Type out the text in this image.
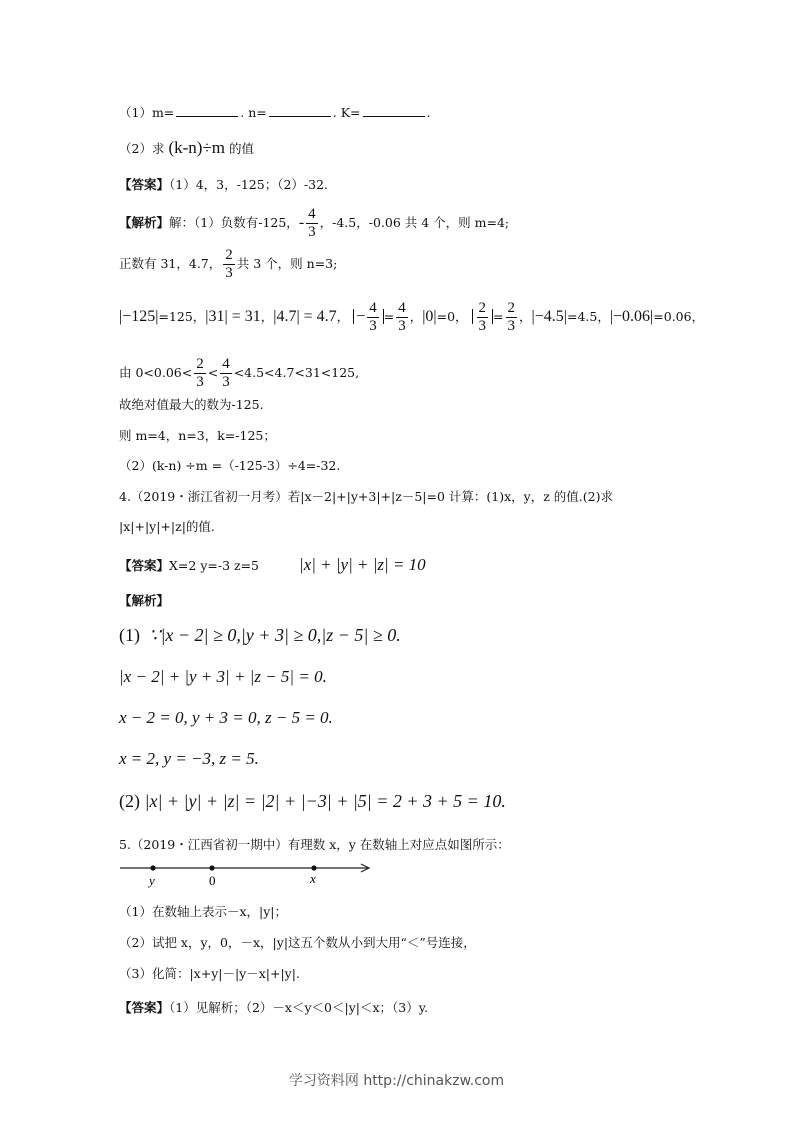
（1）m=	. n=	. K=	.
（2）求 (k-n)÷m 的值
【答案】（1）4，3，-125；（2）-32.
【解析】解：（1）负数有-125，- $\frac{4}{3}$ ，-4.5，-0.06 共 4 个，则 m=4;
正数有 31，4.7， $\frac{2}{3}$ 共 3 个，则 n=3;
|−125|=125，|31| = 31，|4.7| = 4.7， − $\frac{4}{3} = \frac{4}{3}$ ，|0|=0， $\frac{2}{3} = \frac{2}{3}$ ，|−4.5|=4.5，|−0.06|=0.06，
由 $0<0.06< \frac{2}{3} < \frac{4}{3} <4.5<4.7<31<125$,
故绝对值最大的数为-125.
则 m=4，n=3，k=-125；
（2）(k-n) ÷m =（-125-3）÷4=-32.
4.（2019・浙江省初一月考）若|x－2|+|y+3|+|z－5|=0 计算：(1)x，y，z 的值.(2)求
|x|+|y|+|z|的值.
【答案】X=2 y=-3 z=5 |x| + |y| + |z| = 10
【解析】
(1) ∵|x − 2| ≥ 0,|y + 3| ≥ 0,|z − 5| ≥ 0.
|x − 2| + |y + 3| + |z − 5| = 0.
x − 2 = 0, y + 3 = 0, z − 5 = 0.
x = 2, y = −3, z = 5.
(2) |x| + |y| + |z| = |2| + |−3| + |5| = 2 + 3 + 5 = 10.
5.（2019・江西省初一期中）有理数 x，y 在数轴上对应点如图所示：
y	0	x
（1）在数轴上表示－x，|y|；
（2）试把 x，y，0，－x，|y|这五个数从小到大用“＜”号连接，
（3）化简：|x+y|－|y－x|+|y|.
【答案】（1）见解析；（2）－x＜y＜0＜|y|＜x；（3）y.
学习资料网 http://chinakzw.com
